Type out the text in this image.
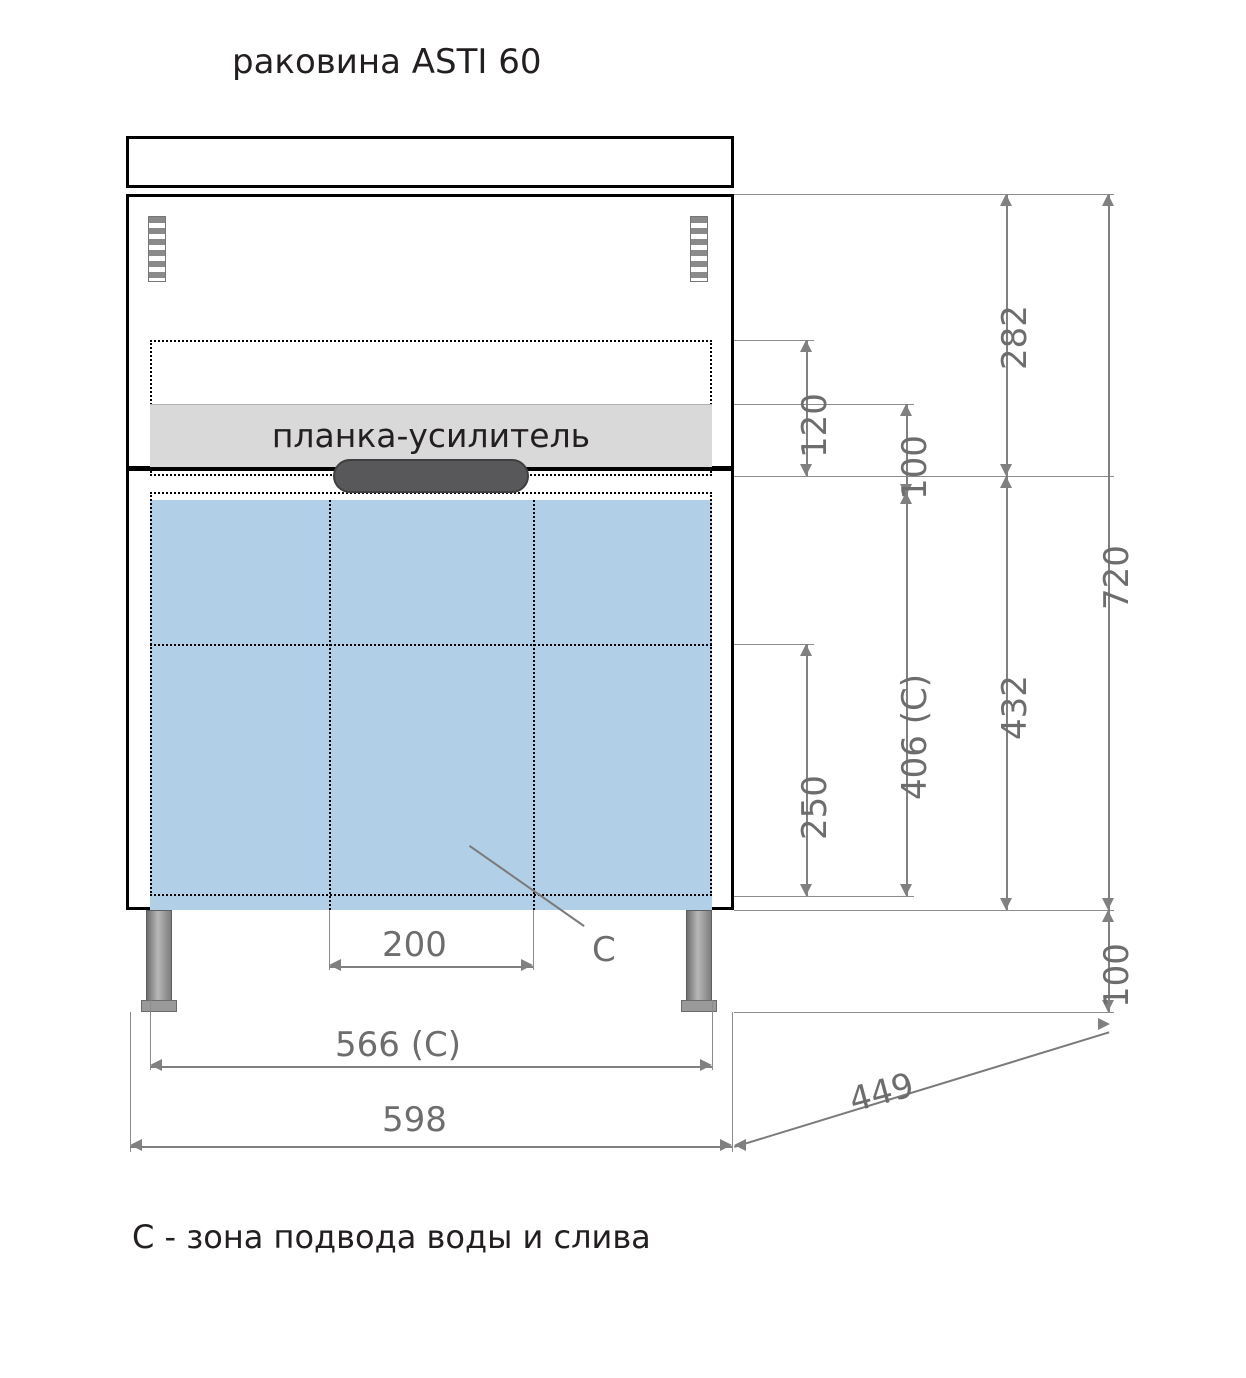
раковина ASTI 60
планка-усилитель	120
100
282
250
406 (C) 432
720
100
200	C
566 (C)
598	449
C - зона подвода воды и слива
